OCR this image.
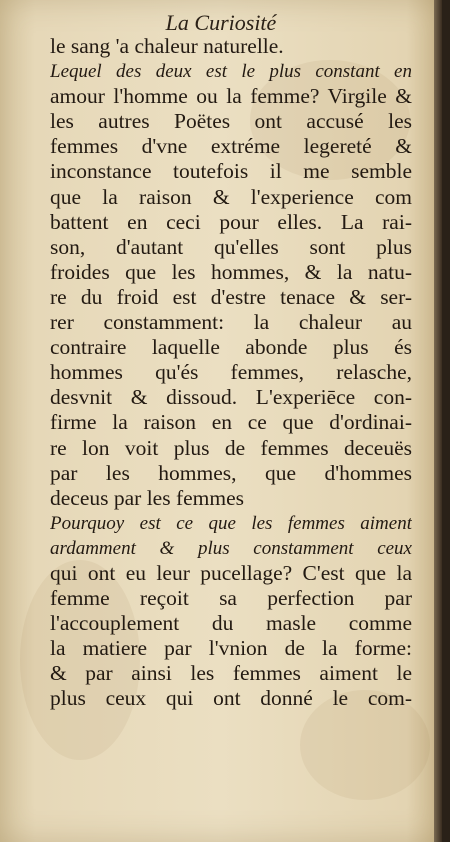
La Curiosité
le sang 'a chaleur naturelle.
Lequel des deux est le plus constant en
amour l'homme ou la femme? Virgile &
les autres Poëtes ont accusé les
femmes d'vne extréme legereté &
inconstance toutefois il me semble
que la raison & l'experience com
battent en ceci pour elles. La rai-
son, d'autant qu'elles sont plus
froides que les hommes, & la natu-
re du froid est d'estre tenace & ser-
rer constamment: la chaleur au
contraire laquelle abonde plus és
hommes qu'és femmes, relasche,
desvnit & dissoud. L'experiēce con-
firme la raison en ce que d'ordinai-
re lon voit plus de femmes deceuës
par les hommes, que d'hommes
deceus par les femmes
Pourquoy est ce que les femmes aiment
ardamment & plus constamment ceux
qui ont eu leur pucellage? C'est que la
femme reçoit sa perfection par
l'accouplement du masle comme
la matiere par l'vnion de la forme:
& par ainsi les femmes aiment le
plus ceux qui ont donné le com-
